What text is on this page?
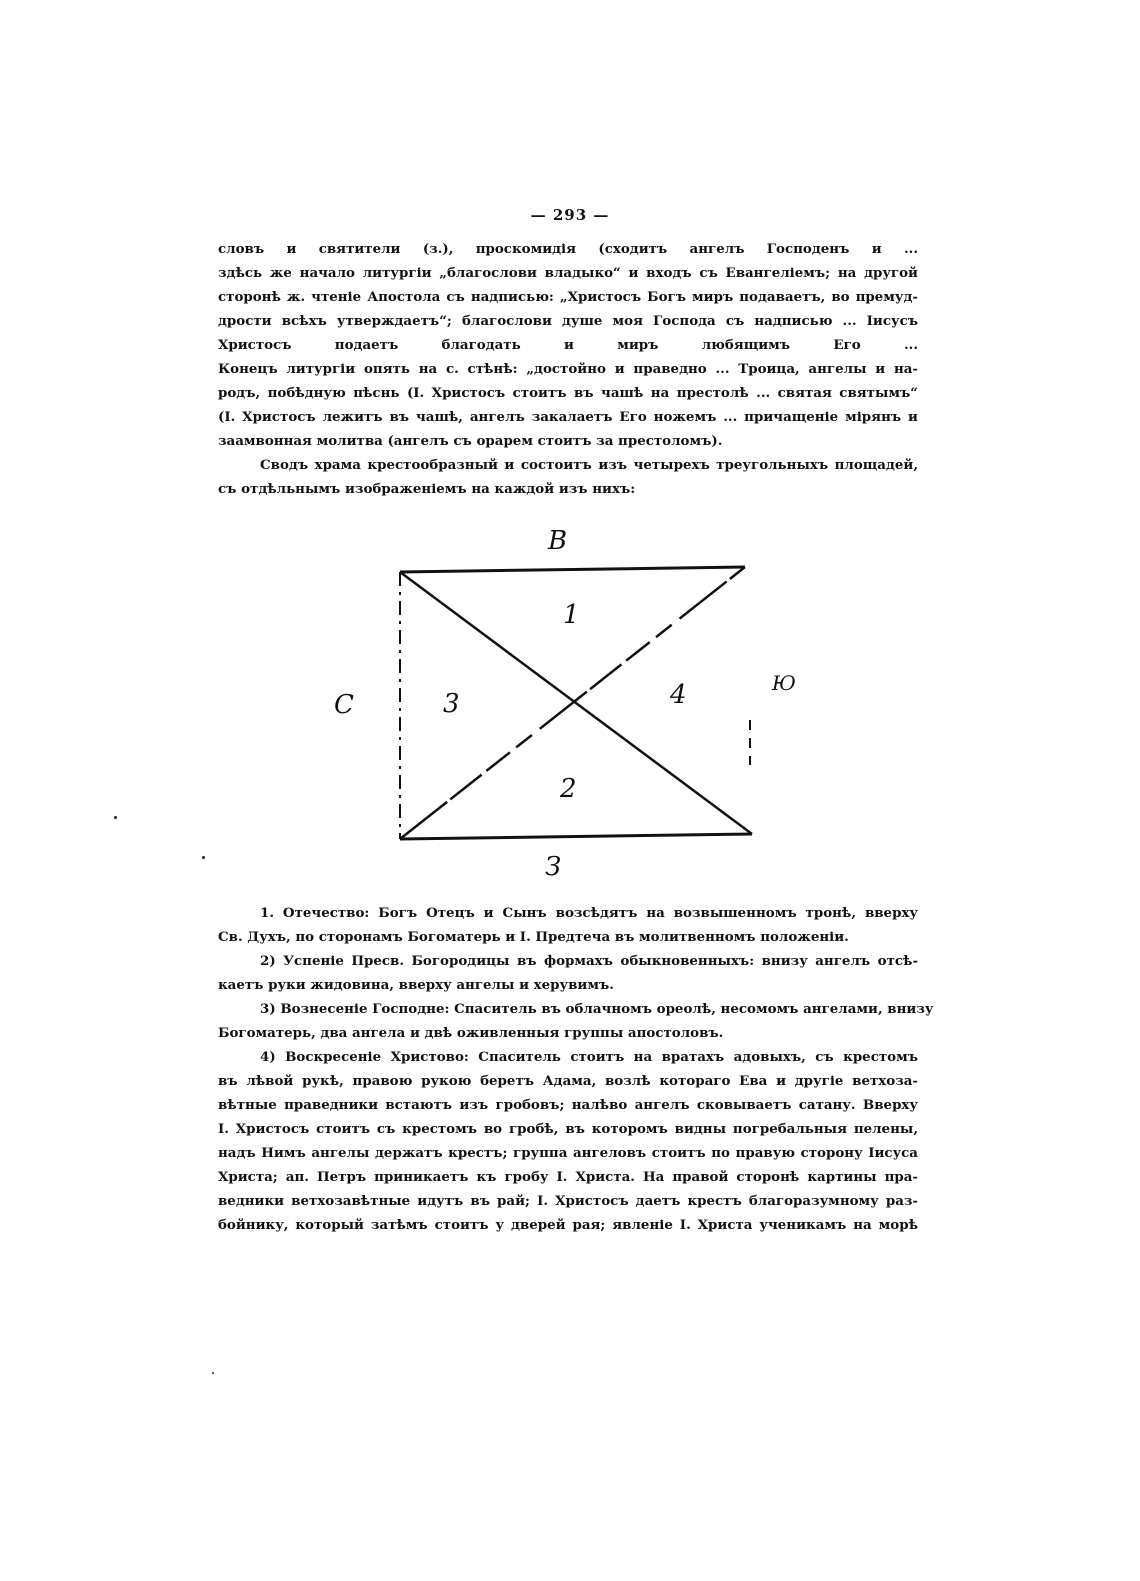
— 293 —
словъ и святители (з.), проскомидія (сходитъ ангелъ Господенъ и ...
здѣсь же начало литургіи „благослови владыко“ и входъ съ Евангеліемъ; на другой
сторонѣ ж. чтеніе Апостола съ надписью: „Христосъ Богъ миръ подаваетъ, во премуд-
дрости всѣхъ утверждаетъ“; благослови душе моя Господа съ надписью ... Іисусъ
Христосъ подаетъ благодать и миръ любящимъ Его ...
Конецъ литургіи опять на с. стѣнѣ: „достойно и праведно ... Троица, ангелы и на-
родъ, побѣдную пѣснь (I. Христосъ стоитъ въ чашѣ на престолѣ ... святая святымъ“
(I. Христосъ лежитъ въ чашѣ, ангелъ закалаетъ Его ножемъ ... причащеніе мірянъ и
заамвонная молитва (ангелъ съ орарем стоитъ за престоломъ).
Сводъ храма крестообразный и состоитъ изъ четырехъ треугольныхъ площадей,
съ отдѣльнымъ изображеніемъ на каждой изъ нихъ:
В
С
Ю
З
1
2
3	4
1. Отечество: Богъ Отецъ и Сынъ возсѣдятъ на возвышенномъ тронѣ, вверху
Св. Духъ, по сторонамъ Богоматерь и I. Предтеча въ молитвенномъ положеніи.
2) Успеніе Пресв. Богородицы въ формахъ обыкновенныхъ: внизу ангелъ отсѣ-
каетъ руки жидовина, вверху ангелы и херувимъ.
3) Вознесеніе Господне: Спаситель въ облачномъ ореолѣ, несомомъ ангелами, внизу
Богоматерь, два ангела и двѣ оживленныя группы апостоловъ.
4) Воскресеніе Христово: Спаситель стоитъ на вратахъ адовыхъ, съ крестомъ
въ лѣвой рукѣ, правою рукою беретъ Адама, возлѣ котораго Ева и другіе ветхоза-
вѣтные праведники встаютъ изъ гробовъ; налѣво ангелъ сковываетъ сатану. Вверху
I. Христосъ стоитъ съ крестомъ во гробѣ, въ которомъ видны погребальныя пелены,
надъ Нимъ ангелы держатъ крестъ; группа ангеловъ стоитъ по правую сторону Іисуса
Христа; ап. Петръ приникаетъ къ гробу I. Христа. На правой сторонѣ картины пра-
ведники ветхозавѣтные идутъ въ рай; I. Христосъ даетъ крестъ благоразумному раз-
бойнику, который затѣмъ стоитъ у дверей рая; явленіе I. Христа ученикамъ на морѣ
